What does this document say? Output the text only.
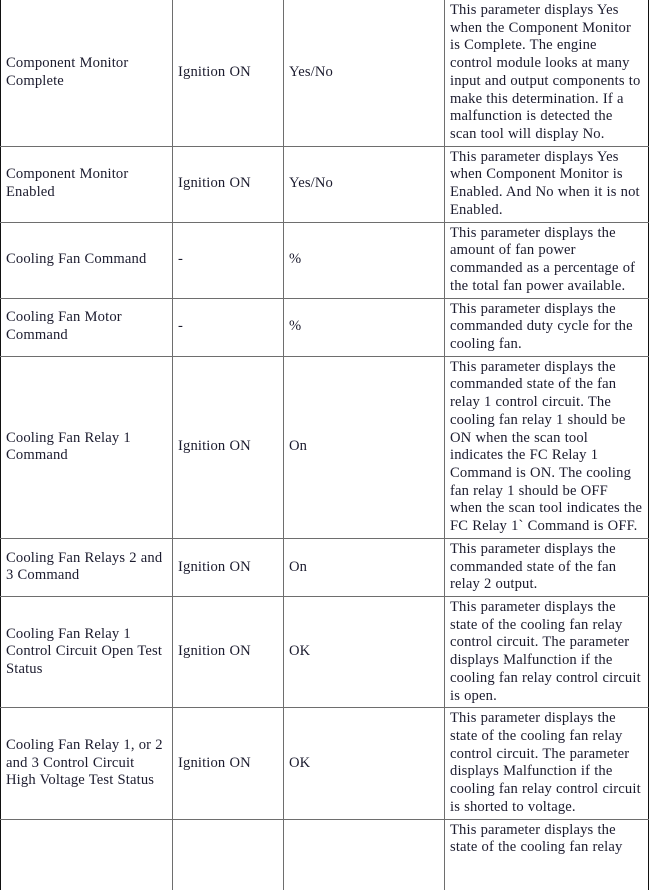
Component Monitor Complete	Ignition ON	Yes/No	This parameter displays Yes when the Component Monitor is Complete. The engine control module looks at many input and output components to make this determination. If a malfunction is detected the scan tool will display No.
Component Monitor Enabled	Ignition ON	Yes/No	This parameter displays Yes when Component Monitor is Enabled. And No when it is not Enabled.
Cooling Fan Command	-	%	This parameter displays the amount of fan power commanded as a percentage of the total fan power available.
Cooling Fan Motor Command	-	%	This parameter displays the commanded duty cycle for the cooling fan.
Cooling Fan Relay 1 Command	Ignition ON	On	This parameter displays the commanded state of the fan relay 1 control circuit. The cooling fan relay 1 should be ON when the scan tool indicates the FC Relay 1 Command is ON. The cooling fan relay 1 should be OFF when the scan tool indicates the FC Relay 1` Command is OFF.
Cooling Fan Relays 2 and 3 Command	Ignition ON	On	This parameter displays the commanded state of the fan relay 2 output.
Cooling Fan Relay 1 Control Circuit Open Test Status	Ignition ON	OK	This parameter displays the state of the cooling fan relay control circuit. The parameter displays Malfunction if the cooling fan relay control circuit is open.
Cooling Fan Relay 1, or 2 and 3 Control Circuit High Voltage Test Status	Ignition ON	OK	This parameter displays the state of the cooling fan relay control circuit. The parameter displays Malfunction if the cooling fan relay control circuit is shorted to voltage.
			This parameter displays the state of the cooling fan relay
